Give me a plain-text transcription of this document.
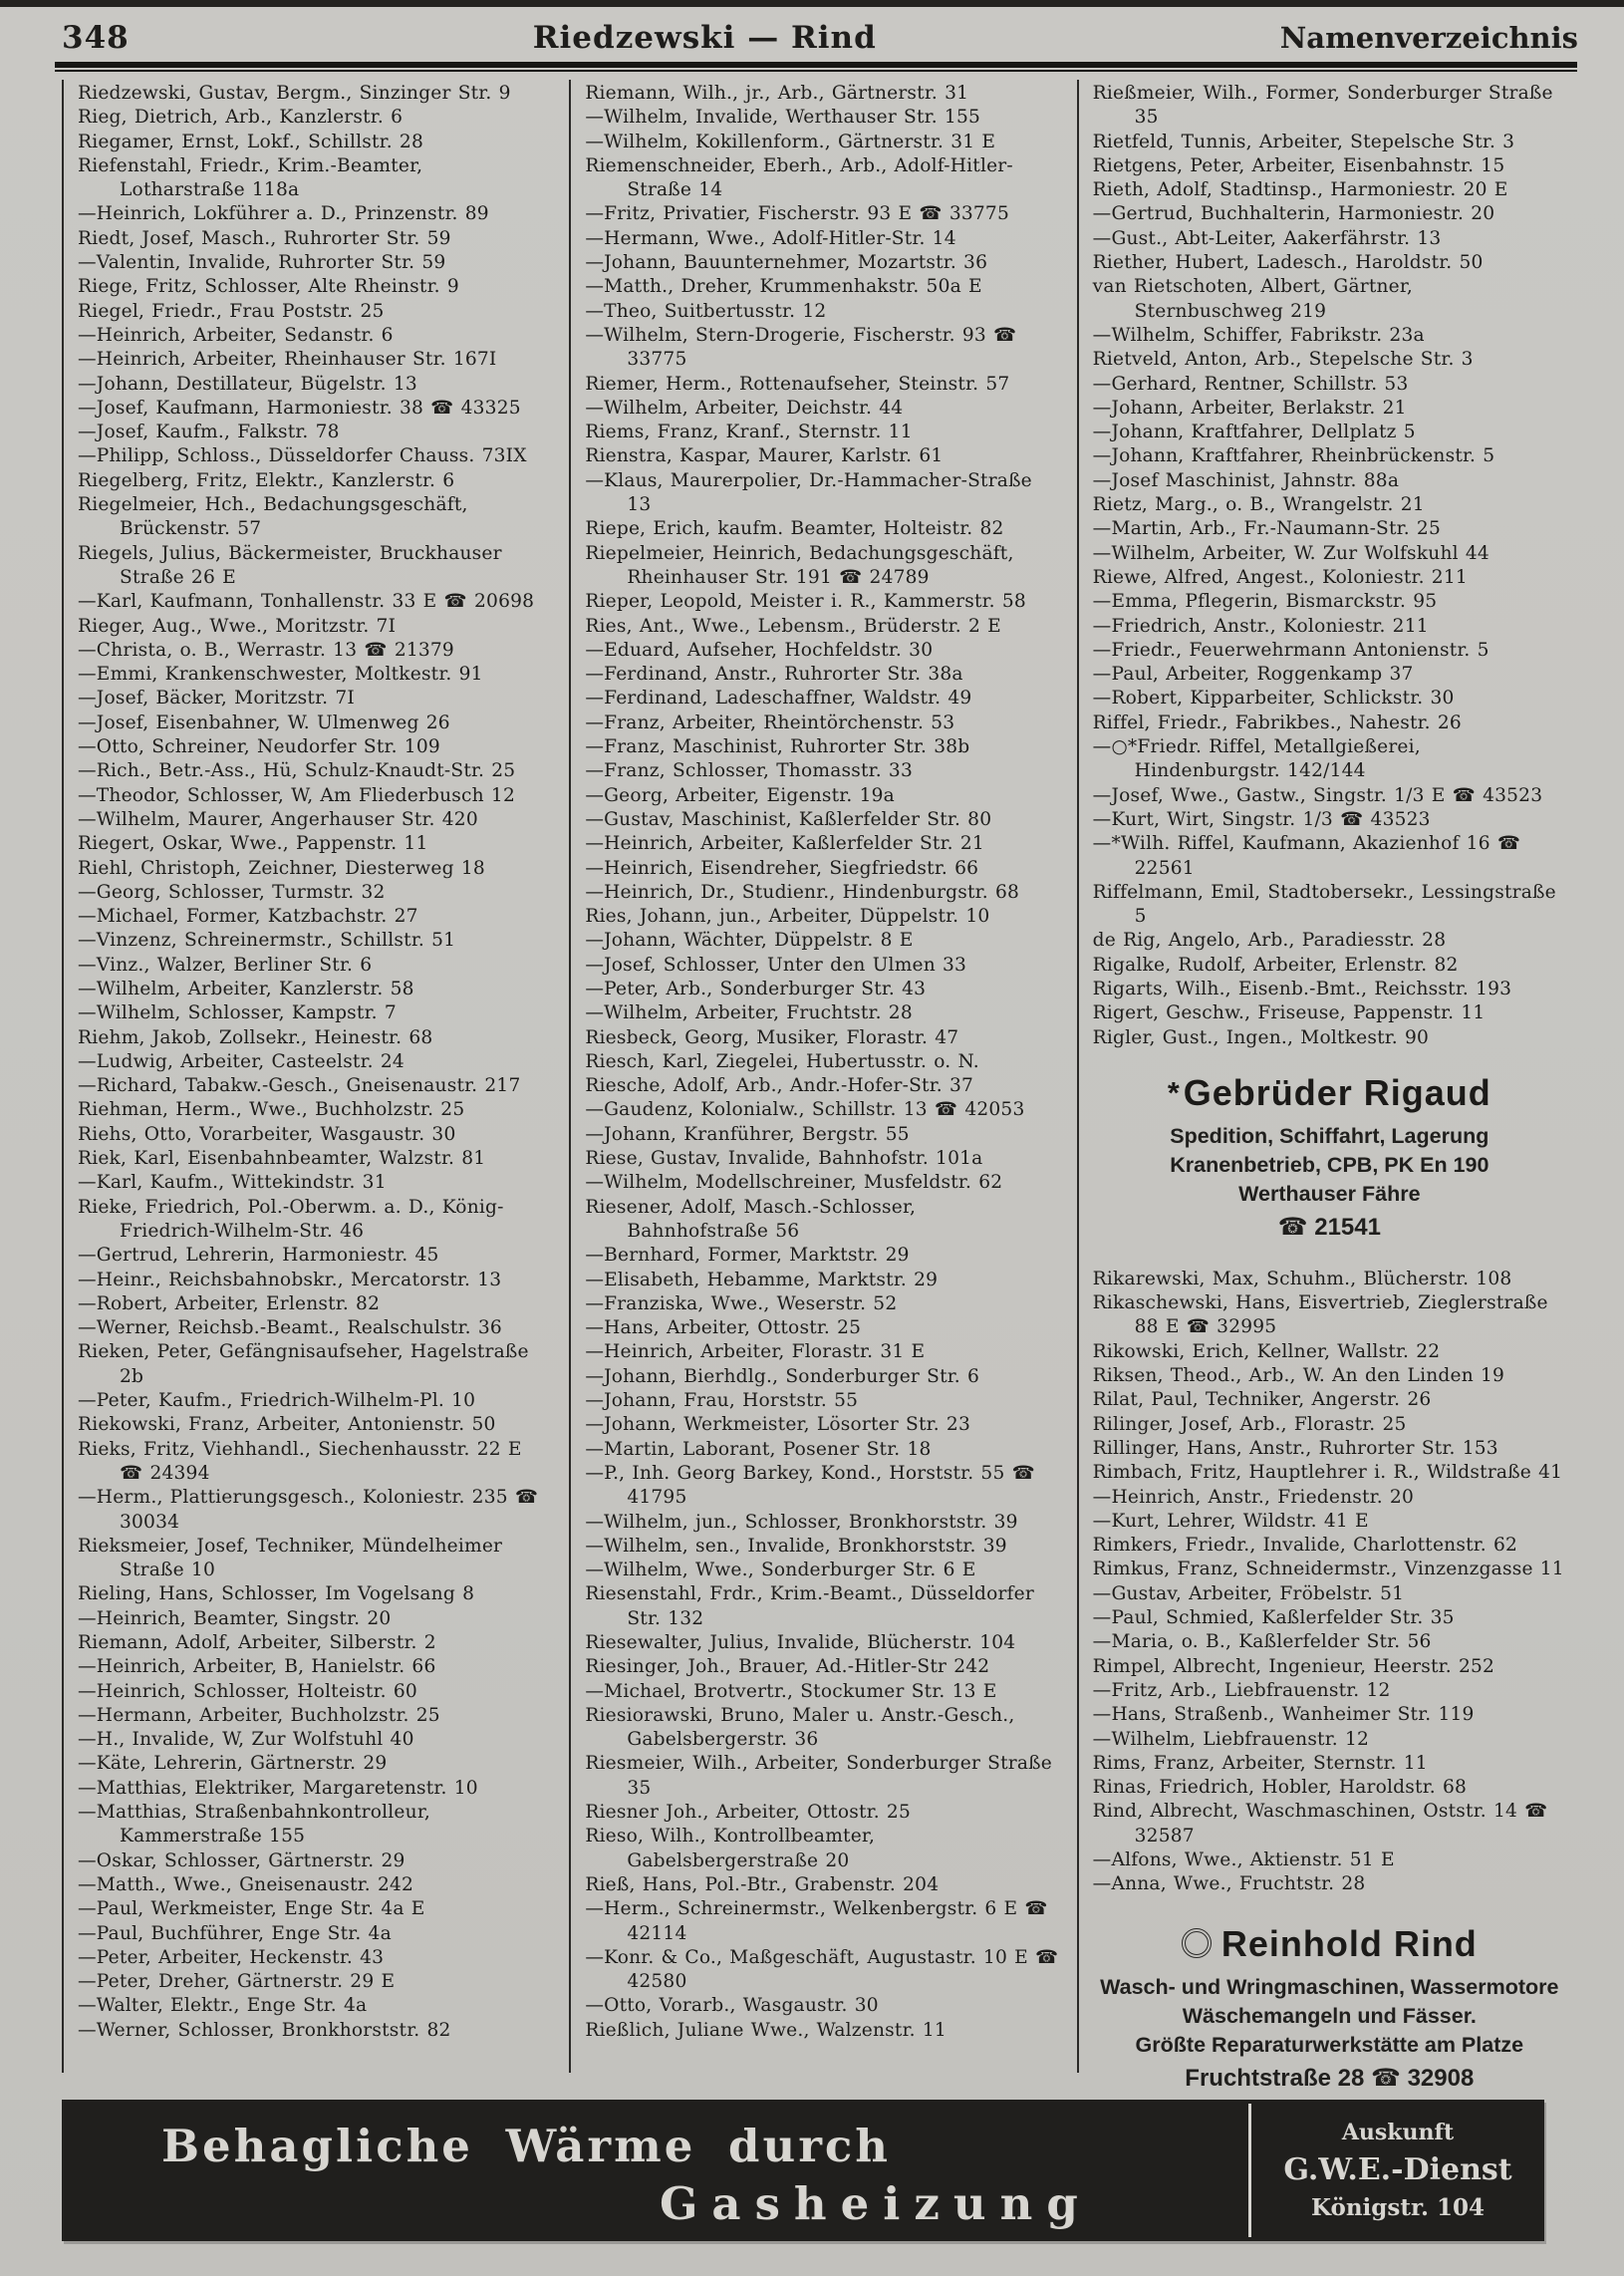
348	Riedzewski — Rind	Namenverzeichnis
Riedzewski, Gustav, Bergm., Sinzinger Str. 9
Rieg, Dietrich, Arb., Kanzlerstr. 6
Riegamer, Ernst, Lokf., Schillstr. 28
Riefenstahl, Friedr., Krim.-Beamter, Lotharstraße 118a
—Heinrich, Lokführer a. D., Prinzenstr. 89
Riedt, Josef, Masch., Ruhrorter Str. 59
—Valentin, Invalide, Ruhrorter Str. 59
Riege, Fritz, Schlosser, Alte Rheinstr. 9
Riegel, Friedr., Frau Poststr. 25
—Heinrich, Arbeiter, Sedanstr. 6
—Heinrich, Arbeiter, Rheinhauser Str. 167I
—Johann, Destillateur, Bügelstr. 13
—Josef, Kaufmann, Harmoniestr. 38 ☎ 43325
—Josef, Kaufm., Falkstr. 78
—Philipp, Schloss., Düsseldorfer Chauss. 73IX
Riegelberg, Fritz, Elektr., Kanzlerstr. 6
Riegelmeier, Hch., Bedachungsgeschäft, Brückenstr. 57
Riegels, Julius, Bäckermeister, Bruckhauser Straße 26 E
—Karl, Kaufmann, Tonhallenstr. 33 E ☎ 20698
Rieger, Aug., Wwe., Moritzstr. 7I
—Christa, o. B., Werrastr. 13 ☎ 21379
—Emmi, Krankenschwester, Moltkestr. 91
—Josef, Bäcker, Moritzstr. 7I
—Josef, Eisenbahner, W. Ulmenweg 26
—Otto, Schreiner, Neudorfer Str. 109
—Rich., Betr.-Ass., Hü, Schulz-Knaudt-Str. 25
—Theodor, Schlosser, W, Am Fliederbusch 12
—Wilhelm, Maurer, Angerhauser Str. 420
Riegert, Oskar, Wwe., Pappenstr. 11
Riehl, Christoph, Zeichner, Diesterweg 18
—Georg, Schlosser, Turmstr. 32
—Michael, Former, Katzbachstr. 27
—Vinzenz, Schreinermstr., Schillstr. 51
—Vinz., Walzer, Berliner Str. 6
—Wilhelm, Arbeiter, Kanzlerstr. 58
—Wilhelm, Schlosser, Kampstr. 7
Riehm, Jakob, Zollsekr., Heinestr. 68
—Ludwig, Arbeiter, Casteelstr. 24
—Richard, Tabakw.-Gesch., Gneisenaustr. 217
Riehman, Herm., Wwe., Buchholzstr. 25
Riehs, Otto, Vorarbeiter, Wasgaustr. 30
Riek, Karl, Eisenbahnbeamter, Walzstr. 81
—Karl, Kaufm., Wittekindstr. 31
Rieke, Friedrich, Pol.-Oberwm. a. D., König-Friedrich-Wilhelm-Str. 46
—Gertrud, Lehrerin, Harmoniestr. 45
—Heinr., Reichsbahnobskr., Mercatorstr. 13
—Robert, Arbeiter, Erlenstr. 82
—Werner, Reichsb.-Beamt., Realschulstr. 36
Rieken, Peter, Gefängnisaufseher, Hagelstraße 2b
—Peter, Kaufm., Friedrich-Wilhelm-Pl. 10
Riekowski, Franz, Arbeiter, Antonienstr. 50
Rieks, Fritz, Viehhandl., Siechenhausstr. 22 E ☎ 24394
—Herm., Plattierungsgesch., Koloniestr. 235 ☎ 30034
Rieksmeier, Josef, Techniker, Mündelheimer Straße 10
Rieling, Hans, Schlosser, Im Vogelsang 8
—Heinrich, Beamter, Singstr. 20
Riemann, Adolf, Arbeiter, Silberstr. 2
—Heinrich, Arbeiter, B, Hanielstr. 66
—Heinrich, Schlosser, Holteistr. 60
—Hermann, Arbeiter, Buchholzstr. 25
—H., Invalide, W, Zur Wolfstuhl 40
—Käte, Lehrerin, Gärtnerstr. 29
—Matthias, Elektriker, Margaretenstr. 10
—Matthias, Straßenbahnkontrolleur, Kammerstraße 155
—Oskar, Schlosser, Gärtnerstr. 29
—Matth., Wwe., Gneisenaustr. 242
—Paul, Werkmeister, Enge Str. 4a E
—Paul, Buchführer, Enge Str. 4a
—Peter, Arbeiter, Heckenstr. 43
—Peter, Dreher, Gärtnerstr. 29 E
—Walter, Elektr., Enge Str. 4a
—Werner, Schlosser, Bronkhorststr. 82
Riemann, Wilh., jr., Arb., Gärtnerstr. 31
—Wilhelm, Invalide, Werthauser Str. 155
—Wilhelm, Kokillenform., Gärtnerstr. 31 E
Riemenschneider, Eberh., Arb., Adolf-Hitler-Straße 14
—Fritz, Privatier, Fischerstr. 93 E ☎ 33775
—Hermann, Wwe., Adolf-Hitler-Str. 14
—Johann, Bauunternehmer, Mozartstr. 36
—Matth., Dreher, Krummenhakstr. 50a E
—Theo, Suitbertusstr. 12
—Wilhelm, Stern-Drogerie, Fischerstr. 93 ☎ 33775
Riemer, Herm., Rottenaufseher, Steinstr. 57
—Wilhelm, Arbeiter, Deichstr. 44
Riems, Franz, Kranf., Sternstr. 11
Rienstra, Kaspar, Maurer, Karlstr. 61
—Klaus, Maurerpolier, Dr.-Hammacher-Straße 13
Riepe, Erich, kaufm. Beamter, Holteistr. 82
Riepelmeier, Heinrich, Bedachungsgeschäft, Rheinhauser Str. 191 ☎ 24789
Rieper, Leopold, Meister i. R., Kammerstr. 58
Ries, Ant., Wwe., Lebensm., Brüderstr. 2 E
—Eduard, Aufseher, Hochfeldstr. 30
—Ferdinand, Anstr., Ruhrorter Str. 38a
—Ferdinand, Ladeschaffner, Waldstr. 49
—Franz, Arbeiter, Rheintörchenstr. 53
—Franz, Maschinist, Ruhrorter Str. 38b
—Franz, Schlosser, Thomasstr. 33
—Georg, Arbeiter, Eigenstr. 19a
—Gustav, Maschinist, Kaßlerfelder Str. 80
—Heinrich, Arbeiter, Kaßlerfelder Str. 21
—Heinrich, Eisendreher, Siegfriedstr. 66
—Heinrich, Dr., Studienr., Hindenburgstr. 68
Ries, Johann, jun., Arbeiter, Düppelstr. 10
—Johann, Wächter, Düppelstr. 8 E
—Josef, Schlosser, Unter den Ulmen 33
—Peter, Arb., Sonderburger Str. 43
—Wilhelm, Arbeiter, Fruchtstr. 28
Riesbeck, Georg, Musiker, Florastr. 47
Riesch, Karl, Ziegelei, Hubertusstr. o. N.
Riesche, Adolf, Arb., Andr.-Hofer-Str. 37
—Gaudenz, Kolonialw., Schillstr. 13 ☎ 42053
—Johann, Kranführer, Bergstr. 55
Riese, Gustav, Invalide, Bahnhofstr. 101a
—Wilhelm, Modellschreiner, Musfeldstr. 62
Riesener, Adolf, Masch.-Schlosser, Bahnhofstraße 56
—Bernhard, Former, Marktstr. 29
—Elisabeth, Hebamme, Marktstr. 29
—Franziska, Wwe., Weserstr. 52
—Hans, Arbeiter, Ottostr. 25
—Heinrich, Arbeiter, Florastr. 31 E
—Johann, Bierhdlg., Sonderburger Str. 6
—Johann, Frau, Horststr. 55
—Johann, Werkmeister, Lösorter Str. 23
—Martin, Laborant, Posener Str. 18
—P., Inh. Georg Barkey, Kond., Horststr. 55 ☎ 41795
—Wilhelm, jun., Schlosser, Bronkhorststr. 39
—Wilhelm, sen., Invalide, Bronkhorststr. 39
—Wilhelm, Wwe., Sonderburger Str. 6 E
Riesenstahl, Frdr., Krim.-Beamt., Düsseldorfer Str. 132
Riesewalter, Julius, Invalide, Blücherstr. 104
Riesinger, Joh., Brauer, Ad.-Hitler-Str 242
—Michael, Brotvertr., Stockumer Str. 13 E
Riesiorawski, Bruno, Maler u. Anstr.-Gesch., Gabelsbergerstr. 36
Riesmeier, Wilh., Arbeiter, Sonderburger Straße 35
Riesner Joh., Arbeiter, Ottostr. 25
Rieso, Wilh., Kontrollbeamter, Gabelsbergerstraße 20
Rieß, Hans, Pol.-Btr., Grabenstr. 204
—Herm., Schreinermstr., Welkenbergstr. 6 E ☎ 42114
—Konr. & Co., Maßgeschäft, Augustastr. 10 E ☎ 42580
—Otto, Vorarb., Wasgaustr. 30
Rießlich, Juliane Wwe., Walzenstr. 11
Rießmeier, Wilh., Former, Sonderburger Straße 35
Rietfeld, Tunnis, Arbeiter, Stepelsche Str. 3
Rietgens, Peter, Arbeiter, Eisenbahnstr. 15
Rieth, Adolf, Stadtinsp., Harmoniestr. 20 E
—Gertrud, Buchhalterin, Harmoniestr. 20
—Gust., Abt-Leiter, Aakerfährstr. 13
Riether, Hubert, Ladesch., Haroldstr. 50
van Rietschoten, Albert, Gärtner, Sternbuschweg 219
—Wilhelm, Schiffer, Fabrikstr. 23a
Rietveld, Anton, Arb., Stepelsche Str. 3
—Gerhard, Rentner, Schillstr. 53
—Johann, Arbeiter, Berlakstr. 21
—Johann, Kraftfahrer, Dellplatz 5
—Johann, Kraftfahrer, Rheinbrückenstr. 5
—Josef Maschinist, Jahnstr. 88a
Rietz, Marg., o. B., Wrangelstr. 21
—Martin, Arb., Fr.-Naumann-Str. 25
—Wilhelm, Arbeiter, W. Zur Wolfskuhl 44
Riewe, Alfred, Angest., Koloniestr. 211
—Emma, Pflegerin, Bismarckstr. 95
—Friedrich, Anstr., Koloniestr. 211
—Friedr., Feuerwehrmann Antonienstr. 5
—Paul, Arbeiter, Roggenkamp 37
—Robert, Kipparbeiter, Schlickstr. 30
Riffel, Friedr., Fabrikbes., Nahestr. 26
—○*Friedr. Riffel, Metallgießerei, Hindenburgstr. 142/144
—Josef, Wwe., Gastw., Singstr. 1/3 E ☎ 43523
—Kurt, Wirt, Singstr. 1/3 ☎ 43523
—*Wilh. Riffel, Kaufmann, Akazienhof 16 ☎ 22561
Riffelmann, Emil, Stadtobersekr., Lessingstraße 5
de Rig, Angelo, Arb., Paradiesstr. 28
Rigalke, Rudolf, Arbeiter, Erlenstr. 82
Rigarts, Wilh., Eisenb.-Bmt., Reichsstr. 193
Rigert, Geschw., Friseuse, Pappenstr. 11
Rigler, Gust., Ingen., Moltkestr. 90
*Gebrüder Rigaud
Spedition, Schiffahrt, Lagerung
Kranenbetrieb, CPB, PK En 190
Werthauser Fähre
☎ 21541
Rikarewski, Max, Schuhm., Blücherstr. 108
Rikaschewski, Hans, Eisvertrieb, Zieglerstraße 88 E ☎ 32995
Rikowski, Erich, Kellner, Wallstr. 22
Riksen, Theod., Arb., W. An den Linden 19
Rilat, Paul, Techniker, Angerstr. 26
Rilinger, Josef, Arb., Florastr. 25
Rillinger, Hans, Anstr., Ruhrorter Str. 153
Rimbach, Fritz, Hauptlehrer i. R., Wildstraße 41
—Heinrich, Anstr., Friedenstr. 20
—Kurt, Lehrer, Wildstr. 41 E
Rimkers, Friedr., Invalide, Charlottenstr. 62
Rimkus, Franz, Schneidermstr., Vinzenzgasse 11
—Gustav, Arbeiter, Fröbelstr. 51
—Paul, Schmied, Kaßlerfelder Str. 35
—Maria, o. B., Kaßlerfelder Str. 56
Rimpel, Albrecht, Ingenieur, Heerstr. 252
—Fritz, Arb., Liebfrauenstr. 12
—Hans, Straßenb., Wanheimer Str. 119
—Wilhelm, Liebfrauenstr. 12
Rims, Franz, Arbeiter, Sternstr. 11
Rinas, Friedrich, Hobler, Haroldstr. 68
Rind, Albrecht, Waschmaschinen, Oststr. 14 ☎ 32587
—Alfons, Wwe., Aktienstr. 51 E
—Anna, Wwe., Fruchtstr. 28
Reinhold Rind
Wasch- und Wringmaschinen, Wassermotore
Wäschemangeln und Fässer.
Größte Reparaturwerkstätte am Platze
Fruchtstraße 28 ☎ 32908
Behagliche Wärme durch
Gasheizung
Auskunft
G.W.E.-Dienst
Königstr. 104
